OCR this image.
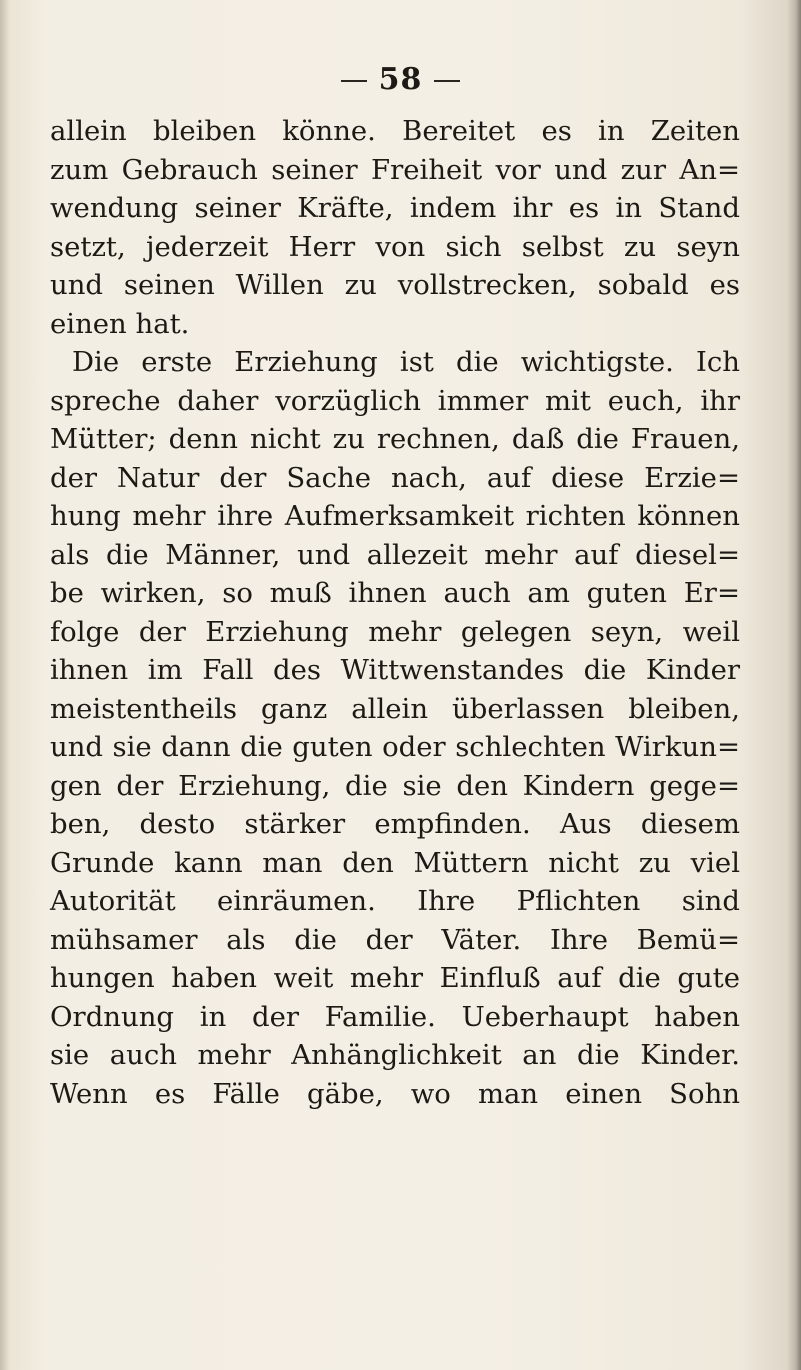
58
allein bleiben könne. Bereitet es in Zeiten
zum Gebrauch seiner Freiheit vor und zur An=
wendung seiner Kräfte, indem ihr es in Stand
setzt, jederzeit Herr von sich selbst zu seyn
und seinen Willen zu vollstrecken, sobald es
einen hat.
Die erste Erziehung ist die wichtigste. Ich
spreche daher vorzüglich immer mit euch, ihr
Mütter; denn nicht zu rechnen, daß die Frauen,
der Natur der Sache nach, auf diese Erzie=
hung mehr ihre Aufmerksamkeit richten können
als die Männer, und allezeit mehr auf diesel=
be wirken, so muß ihnen auch am guten Er=
folge der Erziehung mehr gelegen seyn, weil
ihnen im Fall des Wittwenstandes die Kinder
meistentheils ganz allein überlassen bleiben,
und sie dann die guten oder schlechten Wirkun=
gen der Erziehung, die sie den Kindern gege=
ben, desto stärker empfinden. Aus diesem
Grunde kann man den Müttern nicht zu viel
Autorität einräumen. Ihre Pflichten sind
mühsamer als die der Väter. Ihre Bemü=
hungen haben weit mehr Einfluß auf die gute
Ordnung in der Familie. Ueberhaupt haben
sie auch mehr Anhänglichkeit an die Kinder.
Wenn es Fälle gäbe, wo man einen Sohn
